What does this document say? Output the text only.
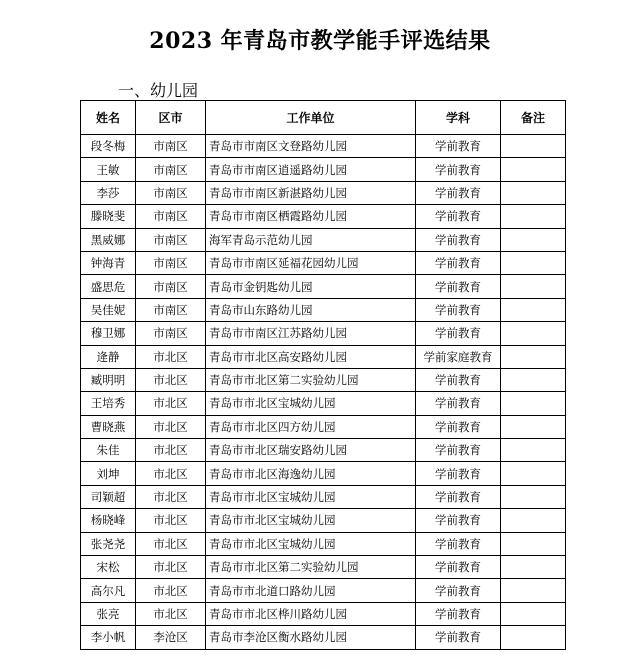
2023 年青岛市教学能手评选结果
一、幼儿园
姓名	区市	工作单位	学科	备注
段冬梅	市南区	青岛市市南区文登路幼儿园	学前教育	
王敏	市南区	青岛市市南区逍遥路幼儿园	学前教育	
李莎	市南区	青岛市市南区新湛路幼儿园	学前教育	
滕晓斐	市南区	青岛市市南区栖霞路幼儿园	学前教育	
黑威娜	市南区	海军青岛示范幼儿园	学前教育	
钟海青	市南区	青岛市市南区延福花园幼儿园	学前教育	
盛思危	市南区	青岛市金钥匙幼儿园	学前教育	
吴佳妮	市南区	青岛市山东路幼儿园	学前教育	
穆卫娜	市南区	青岛市市南区江苏路幼儿园	学前教育	
逄静	市北区	青岛市市北区高安路幼儿园	学前家庭教育	
臧明明	市北区	青岛市市北区第二实验幼儿园	学前教育	
王培秀	市北区	青岛市市北区宝城幼儿园	学前教育	
曹晓燕	市北区	青岛市市北区四方幼儿园	学前教育	
朱佳	市北区	青岛市市北区瑞安路幼儿园	学前教育	
刘坤	市北区	青岛市市北区海逸幼儿园	学前教育	
司颖超	市北区	青岛市市北区宝城幼儿园	学前教育	
杨晓峰	市北区	青岛市市北区宝城幼儿园	学前教育	
张尧尧	市北区	青岛市市北区宝城幼儿园	学前教育	
宋松	市北区	青岛市市北区第二实验幼儿园	学前教育	
高尔凡	市北区	青岛市市北道口路幼儿园	学前教育	
张亮	市北区	青岛市市北区桦川路幼儿园	学前教育	
李小帆	李沧区	青岛市李沧区衡水路幼儿园	学前教育	
